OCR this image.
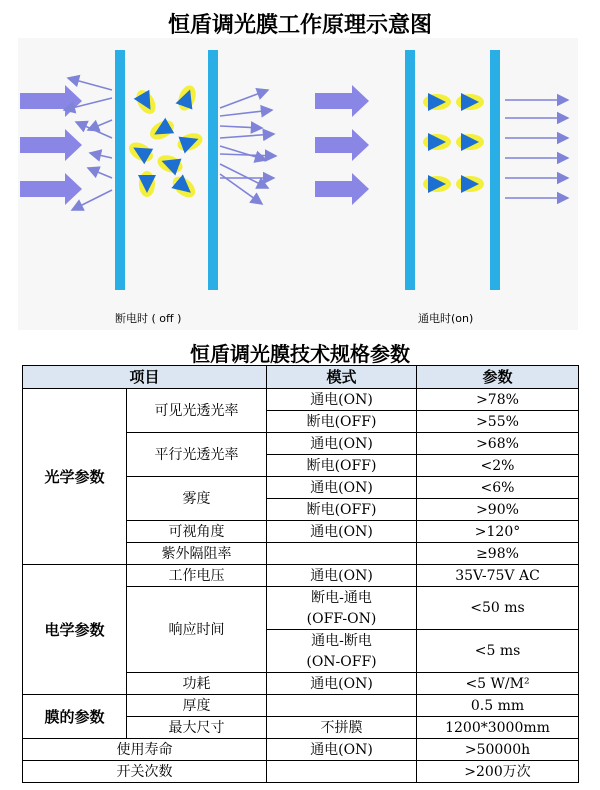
恒盾调光膜工作原理示意图
断电时 ( off )	通电时(on)
恒盾调光膜技术规格参数
项目		模式	参数
光学参数	可见光透光率	通电(ON)	>78%
		断电(OFF)	>55%
	平行光透光率	通电(ON)	>68%
		断电(OFF)	<2%
	雾度	通电(ON)	<6%
		断电(OFF)	>90%
	可视角度	通电(ON)	>120°
	紫外隔阻率		≥98%
电学参数	工作电压	通电(ON)	35V-75V AC
	响应时间	断电-通电	<50 ms
		(OFF-ON)	
		通电-断电	<5 ms
		(ON-OFF)	
	功耗	通电(ON)	<5 W/M²
膜的参数	厚度		0.5 mm
	最大尺寸	不拼膜	1200*3000mm
使用寿命		通电(ON)	>50000h
开关次数			>200万次
